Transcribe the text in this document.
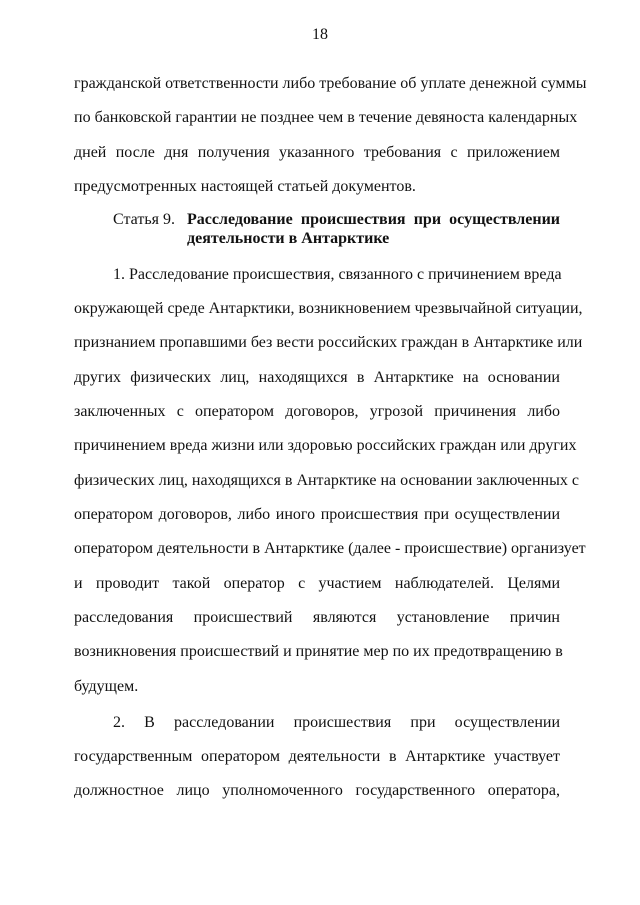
18
гражданской ответственности либо требование об уплате денежной суммы
по банковской гарантии не позднее чем в течение девяноста календарных
дней после дня получения указанного требования с приложением
предусмотренных настоящей статьей документов.
Статья 9. Расследование происшествия при осуществлении
деятельности в Антарктике
1. Расследование происшествия, связанного с причинением вреда
окружающей среде Антарктики, возникновением чрезвычайной ситуации,
признанием пропавшими без вести российских граждан в Антарктике или
других физических лиц, находящихся в Антарктике на основании
заключенных с оператором договоров, угрозой причинения либо
причинением вреда жизни или здоровью российских граждан или других
физических лиц, находящихся в Антарктике на основании заключенных с
оператором договоров, либо иного происшествия при осуществлении
оператором деятельности в Антарктике (далее - происшествие) организует
и проводит такой оператор с участием наблюдателей. Целями
расследования происшествий являются установление причин
возникновения происшествий и принятие мер по их предотвращению в
будущем.
2. В расследовании происшествия при осуществлении
государственным оператором деятельности в Антарктике участвует
должностное лицо уполномоченного государственного оператора,
